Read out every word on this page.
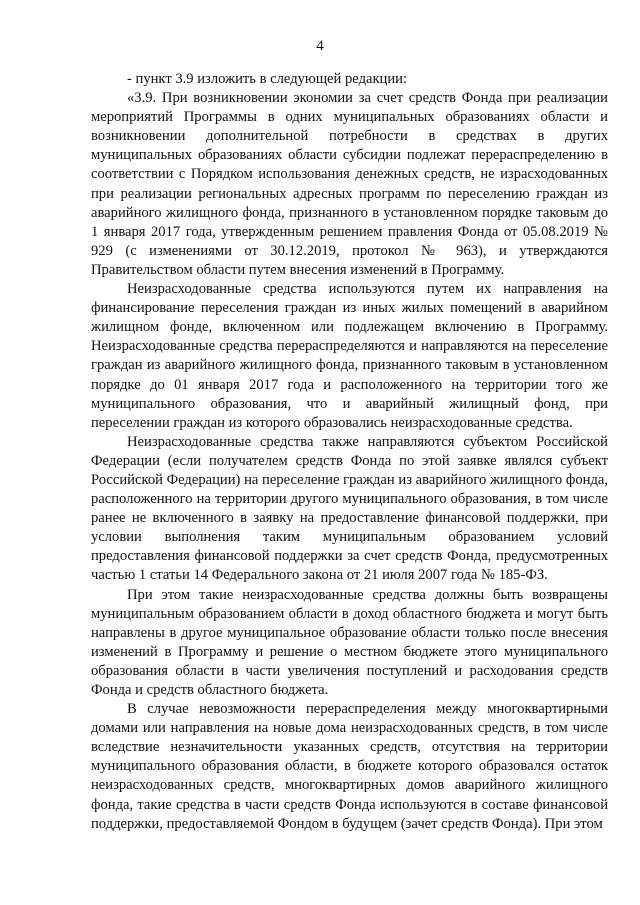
4

- пункт 3.9 изложить в следующей редакции:

«3.9. При возникновении экономии за счет средств Фонда при реализации мероприятий Программы в одних муниципальных образованиях области и возникновении дополнительной потребности в средствах в других муниципальных образованиях области субсидии подлежат перераспределению в соответствии с Порядком использования денежных средств, не израсходованных при реализации региональных адресных программ по переселению граждан из аварийного жилищного фонда, признанного в установленном порядке таковым до 1 января 2017 года, утвержденным решением правления Фонда от 05.08.2019 № 929 (с изменениями от 30.12.2019, протокол № 963), и утверждаются Правительством области путем внесения изменений в Программу.

Неизрасходованные средства используются путем их направления на финансирование переселения граждан из иных жилых помещений в аварийном жилищном фонде, включенном или подлежащем включению в Программу. Неизрасходованные средства перераспределяются и направляются на переселение граждан из аварийного жилищного фонда, признанного таковым в установленном порядке до 01 января 2017 года и расположенного на территории того же муниципального образования, что и аварийный жилищный фонд, при переселении граждан из которого образовались неизрасходованные средства.

Неизрасходованные средства также направляются субъектом Российской Федерации (если получателем средств Фонда по этой заявке являлся субъект Российской Федерации) на переселение граждан из аварийного жилищного фонда, расположенного на территории другого муниципального образования, в том числе ранее не включенного в заявку на предоставление финансовой поддержки, при условии выполнения таким муниципальным образованием условий предоставления финансовой поддержки за счет средств Фонда, предусмотренных частью 1 статьи 14 Федерального закона от 21 июля 2007 года № 185-ФЗ.

При этом такие неизрасходованные средства должны быть возвращены муниципальным образованием области в доход областного бюджета и могут быть направлены в другое муниципальное образование области только после внесения изменений в Программу и решение о местном бюджете этого муниципального образования области в части увеличения поступлений и расходования средств Фонда и средств областного бюджета.

В случае невозможности перераспределения между многоквартирными домами или направления на новые дома неизрасходованных средств, в том числе вследствие незначительности указанных средств, отсутствия на территории муниципального образования области, в бюджете которого образовался остаток неизрасходованных средств, многоквартирных домов аварийного жилищного фонда, такие средства в части средств Фонда используются в составе финансовой поддержки, предоставляемой Фондом в будущем (зачет средств Фонда). При этом
